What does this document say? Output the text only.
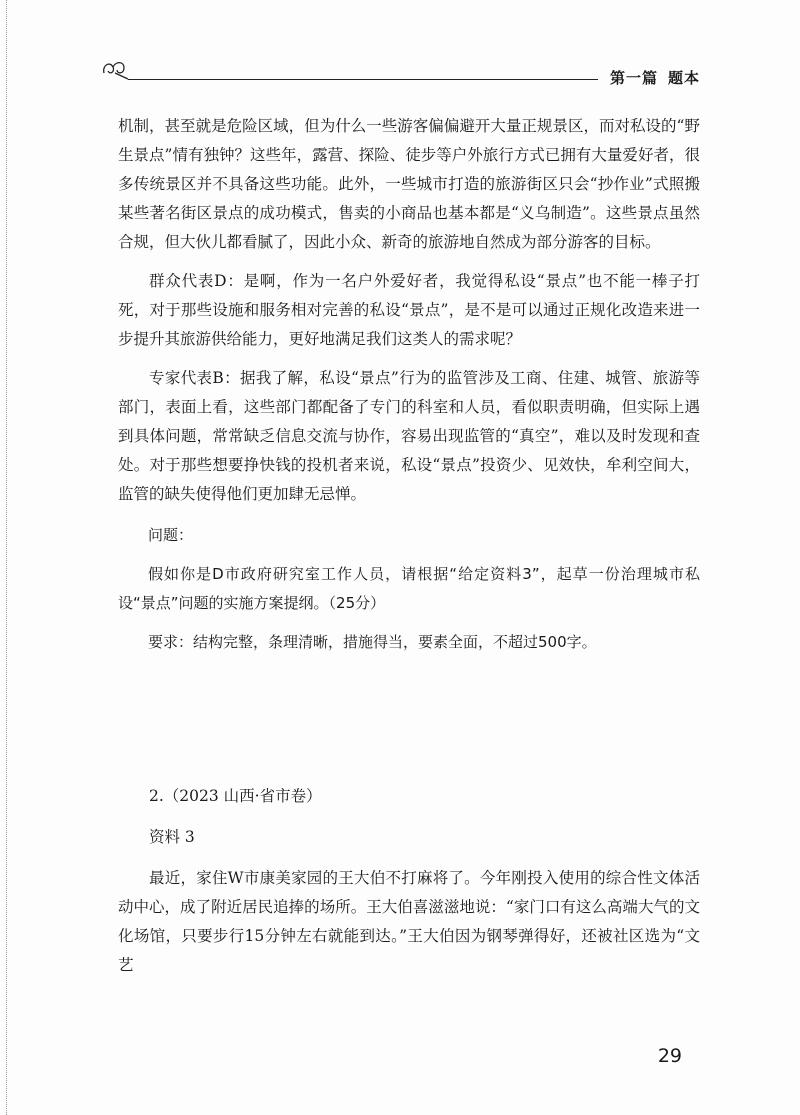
第一篇 题本

机制，甚至就是危险区域，但为什么一些游客偏偏避开大量正规景区，而对私设的“野生景点”情有独钟？这些年，露营、探险、徒步等户外旅行方式已拥有大量爱好者，很多传统景区并不具备这些功能。此外，一些城市打造的旅游街区只会“抄作业”式照搬某些著名街区景点的成功模式，售卖的小商品也基本都是“义乌制造”。这些景点虽然合规，但大伙儿都看腻了，因此小众、新奇的旅游地自然成为部分游客的目标。

群众代表D：是啊，作为一名户外爱好者，我觉得私设“景点”也不能一棒子打死，对于那些设施和服务相对完善的私设“景点”，是不是可以通过正规化改造来进一步提升其旅游供给能力，更好地满足我们这类人的需求呢？

专家代表B：据我了解，私设“景点”行为的监管涉及工商、住建、城管、旅游等部门，表面上看，这些部门都配备了专门的科室和人员，看似职责明确，但实际上遇到具体问题，常常缺乏信息交流与协作，容易出现监管的“真空”，难以及时发现和查处。对于那些想要挣快钱的投机者来说，私设“景点”投资少、见效快，牟利空间大，监管的缺失使得他们更加肆无忌惮。

问题：

假如你是D市政府研究室工作人员，请根据“给定资料3”，起草一份治理城市私设“景点”问题的实施方案提纲。（25分）

要求：结构完整，条理清晰，措施得当，要素全面，不超过500字。

2.（2023 山西·省市卷）

资料 3

最近，家住W市康美家园的王大伯不打麻将了。今年刚投入使用的综合性文体活动中心，成了附近居民追捧的场所。王大伯喜滋滋地说：“家门口有这么高端大气的文化场馆，只要步行15分钟左右就能到达。”王大伯因为钢琴弹得好，还被社区选为“文艺

29
